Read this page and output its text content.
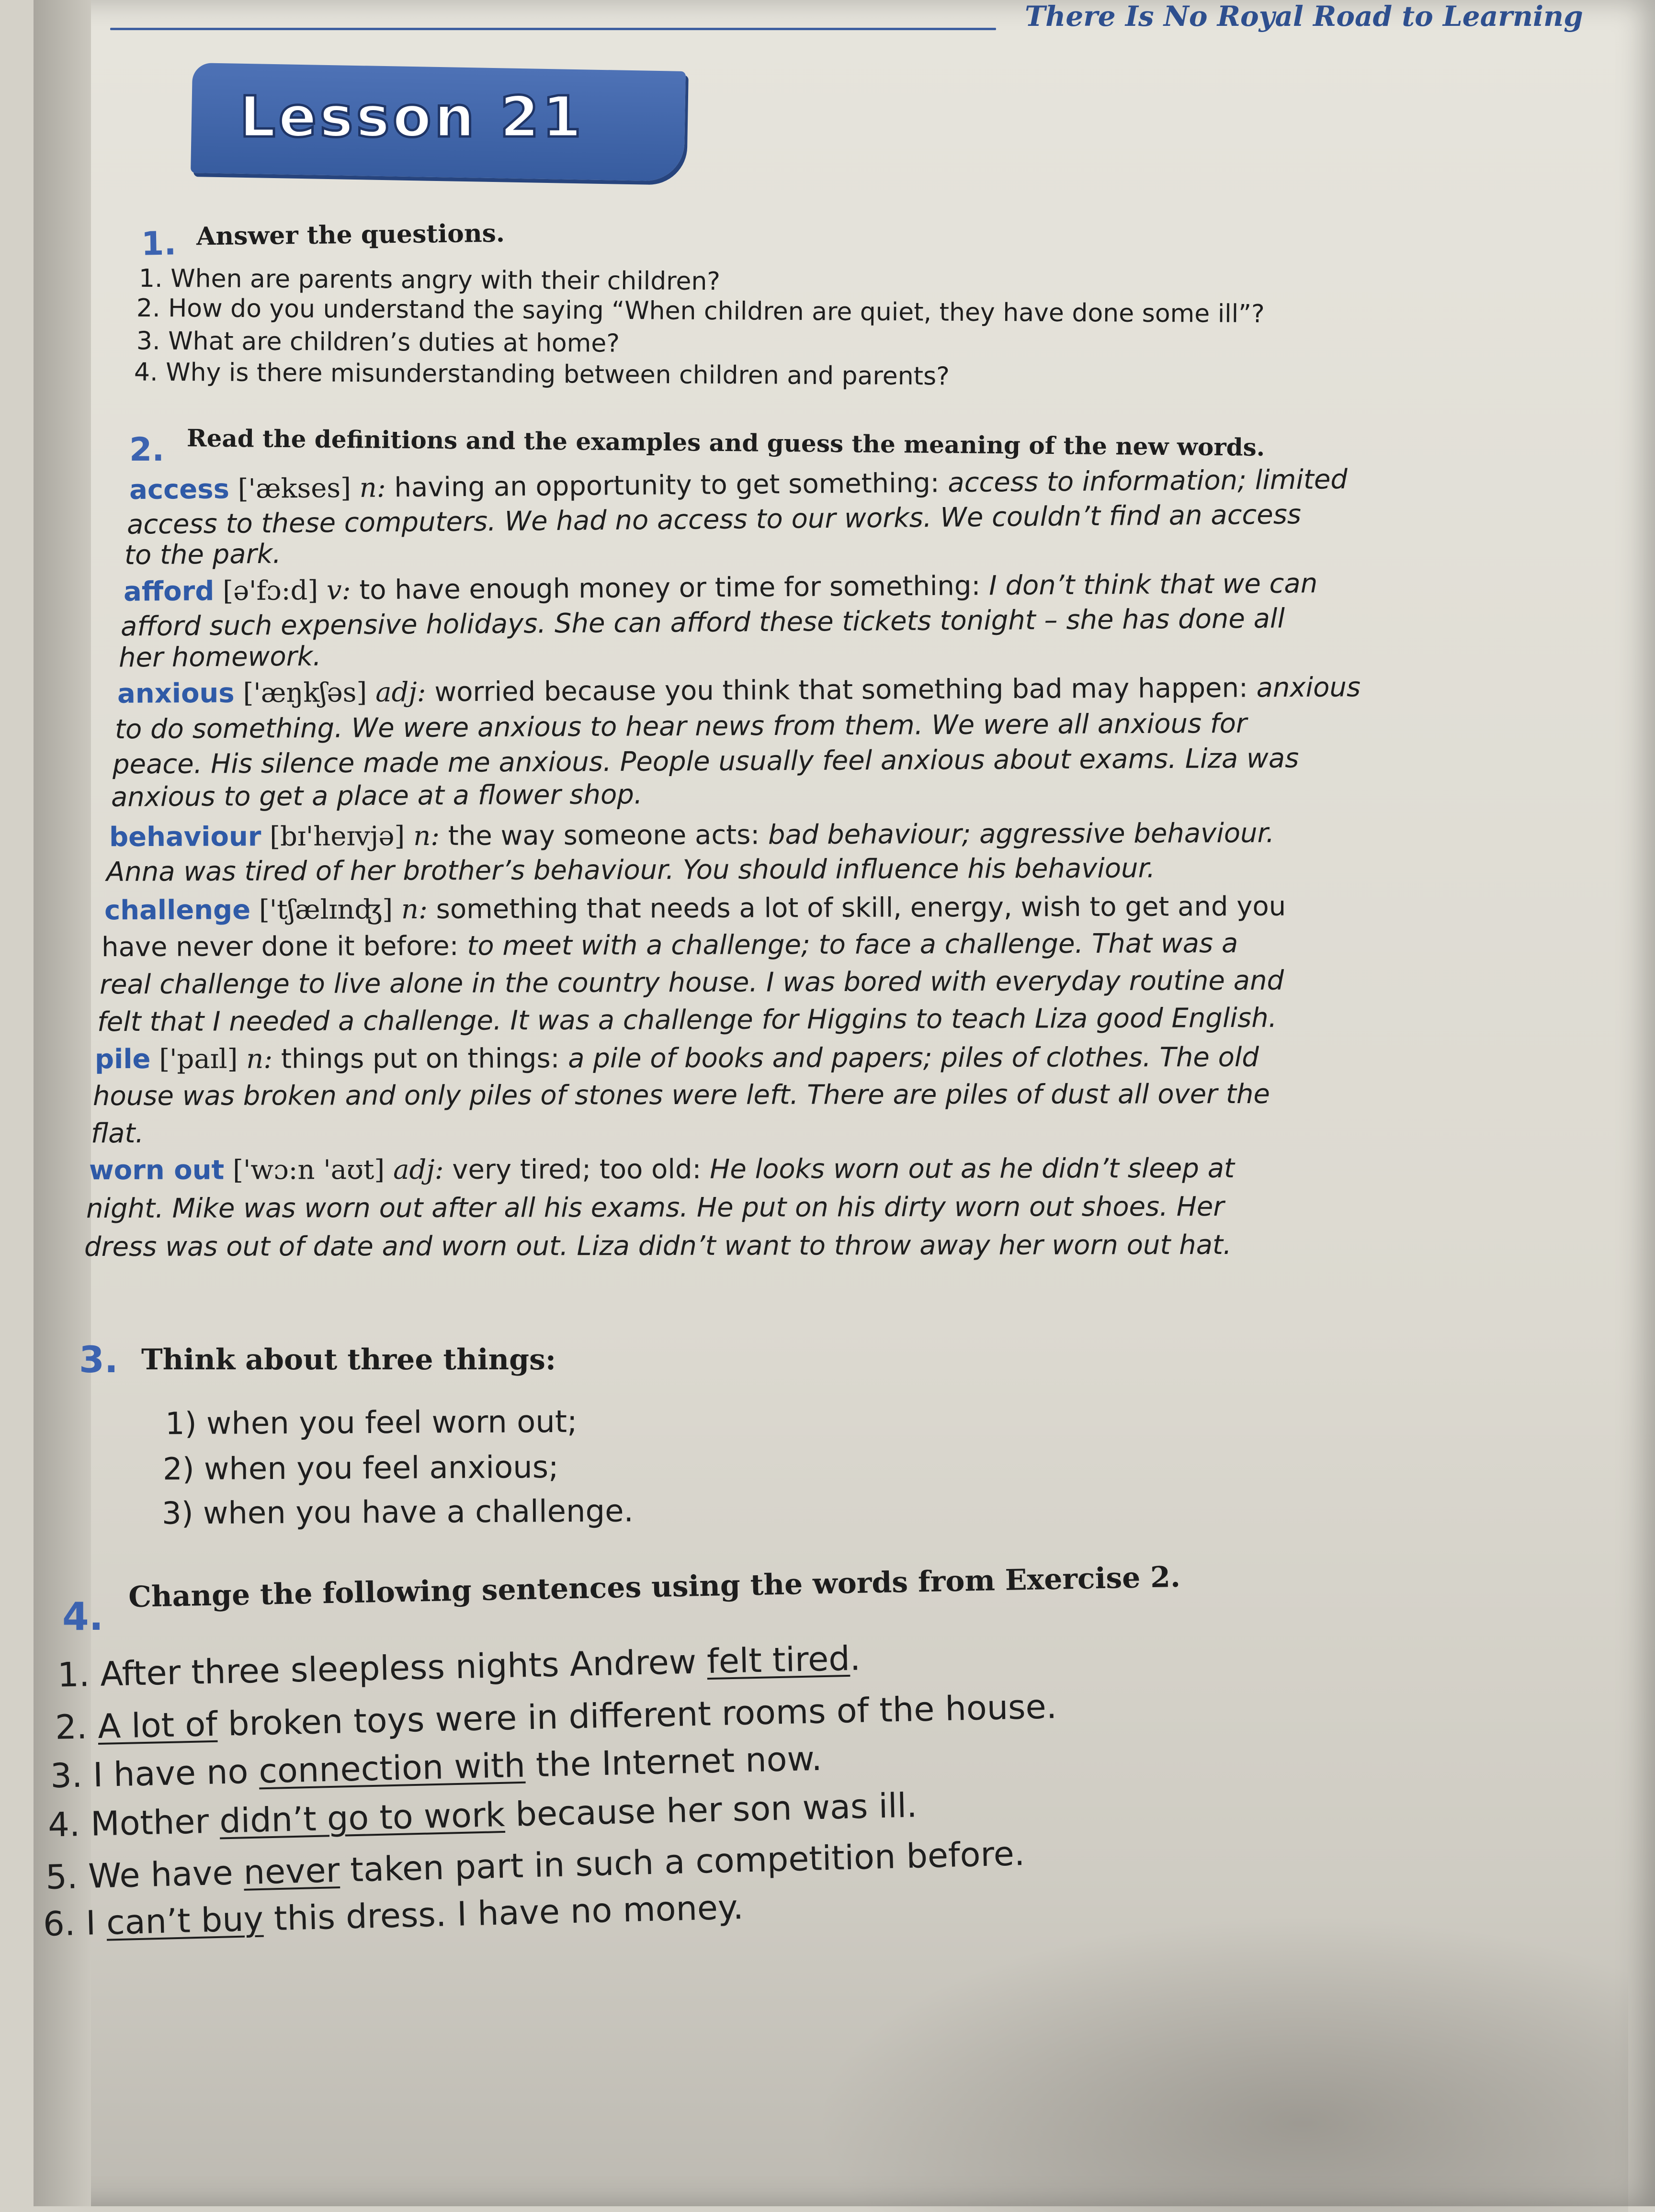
There Is No Royal Road to Learning
Lesson 21
1. Answer the questions.
1. When are parents angry with their children?
2. How do you understand the saying “When children are quiet, they have done some ill”?
3. What are children’s duties at home?
4. Why is there misunderstanding between children and parents?
2. Read the definitions and the examples and guess the meaning of the new words.
access ['ækses] n: having an opportunity to get something: access to information; limited
access to these computers. We had no access to our works. We couldn’t find an access
to the park.
afford [ə'fɔ:d] v: to have enough money or time for something: I don’t think that we can
afford such expensive holidays. She can afford these tickets tonight – she has done all
her homework.
anxious ['æŋkʃəs] adj: worried because you think that something bad may happen: anxious
to do something. We were anxious to hear news from them. We were all anxious for
peace. His silence made me anxious. People usually feel anxious about exams. Liza was
anxious to get a place at a flower shop.
behaviour [bɪ'heɪvjə] n: the way someone acts: bad behaviour; aggressive behaviour.
Anna was tired of her brother’s behaviour. You should influence his behaviour.
challenge ['tʃælɪnʤ] n: something that needs a lot of skill, energy, wish to get and you
have never done it before: to meet with a challenge; to face a challenge. That was a
real challenge to live alone in the country house. I was bored with everyday routine and
felt that I needed a challenge. It was a challenge for Higgins to teach Liza good English.
pile ['paɪl] n: things put on things: a pile of books and papers; piles of clothes. The old
house was broken and only piles of stones were left. There are piles of dust all over the
flat.
worn out ['wɔ:n 'aʊt] adj: very tired; too old: He looks worn out as he didn’t sleep at
night. Mike was worn out after all his exams. He put on his dirty worn out shoes. Her
dress was out of date and worn out. Liza didn’t want to throw away her worn out hat.
3. Think about three things:
1) when you feel worn out;
2) when you feel anxious;
3) when you have a challenge.
4.
Change the following sentences using the words from Exercise 2.
1. After three sleepless nights Andrew felt tired.
2. A lot of broken toys were in different rooms of the house.
3. I have no connection with the Internet now.
4. Mother didn’t go to work because her son was ill.
5. We have never taken part in such a competition before.
6. I can’t buy this dress. I have no money.
